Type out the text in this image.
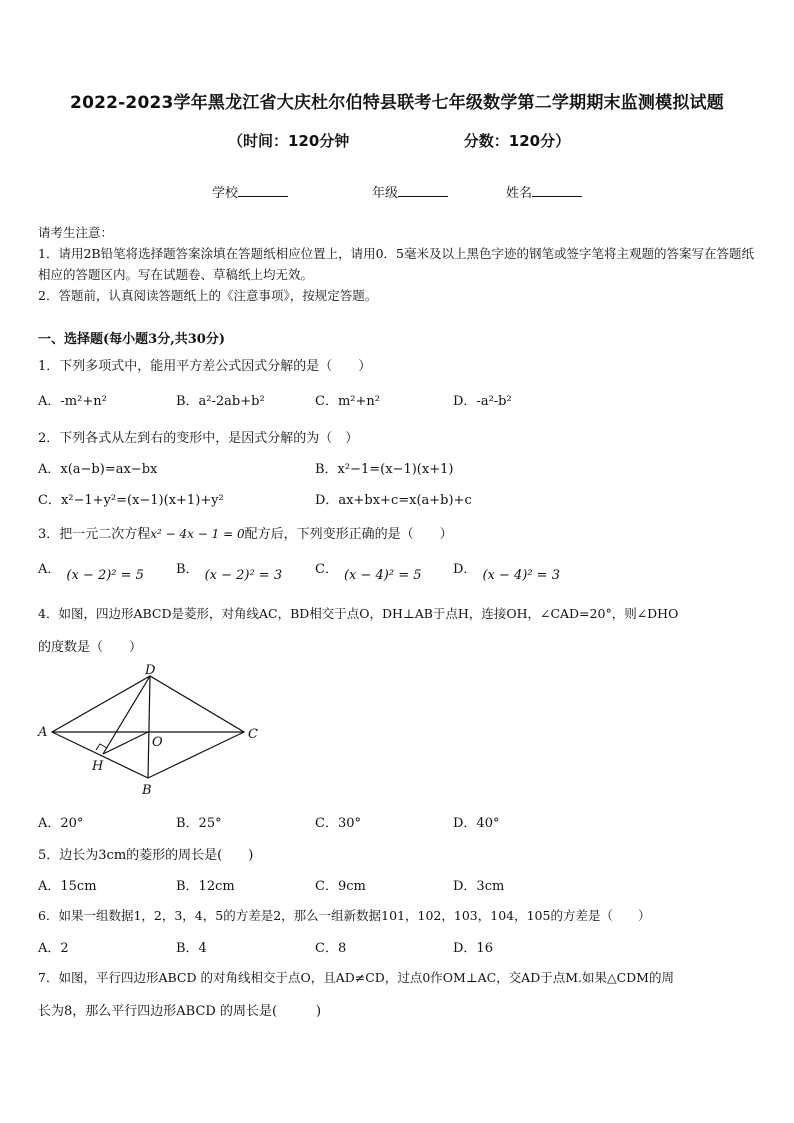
2022-2023学年黑龙江省大庆杜尔伯特县联考七年级数学第二学期期末监测模拟试题
（时间：120分钟	分数：120分）
学校	年级	姓名
请考生注意：
1．请用2B铅笔将选择题答案涂填在答题纸相应位置上，请用0．5毫米及以上黑色字迹的钢笔或签字笔将主观题的答案写在答题纸相应的答题区内。写在试题卷、草稿纸上均无效。
2．答题前，认真阅读答题纸上的《注意事项》，按规定答题。
一、选择题(每小题3分,共30分)
1．下列多项式中，能用平方差公式因式分解的是（　　）
A．-m²+n²	B．a²-2ab+b²	C．m²+n²	D．-a²-b²
2．下列各式从左到右的变形中，是因式分解的为（　）
A．x(a−b)=ax−bx	B．x²−1=(x−1)(x+1)
C．x²−1+y²=(x−1)(x+1)+y²	D．ax+bx+c=x(a+b)+c
3．把一元二次方程x² − 4x − 1 = 0配方后，下列变形正确的是（　　）
A． (x − 2)² = 5 B． (x − 2)² = 3	C． (x − 4)² = 5 D． (x − 4)² = 3
4．如图，四边形ABCD是菱形，对角线AC，BD相交于点O，DH⊥AB于点H，连接OH，∠CAD=20°，则∠DHO
的度数是（　　）
A
B
C
D
O
H
A．20°	B．25°	C．30°	D．40°
5．边长为3cm的菱形的周长是(　　)
A．15cm	B．12cm	C．9cm	D．3cm
6．如果一组数据1，2，3，4，5的方差是2，那么一组新数据101，102，103，104，105的方差是（　　）
A．2	B．4	C．8	D．16
7．如图，平行四边形ABCD 的对角线相交于点O，且AD≠CD，过点0作OM⊥AC，交AD于点M.如果△CDM的周
长为8，那么平行四边形ABCD 的周长是(　　　)
